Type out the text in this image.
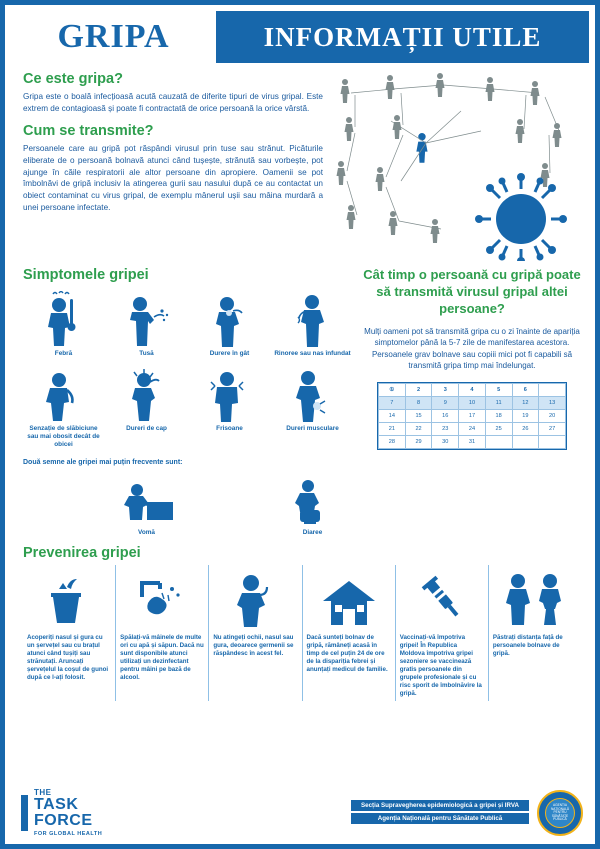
GRIPA	INFORMAȚII UTILE
Ce este gripa?

Gripa este o boală infecțioasă acută cauzată de diferite tipuri de virus gripal. Este extrem de contagioasă și poate fi contractată de orice persoană la orice vârstă.

Cum se transmite?

Persoanele care au gripă pot răspândi virusul prin tuse sau strănut. Picăturile eliberate de o persoană bolnavă atunci când tușește, strănută sau vorbește, pot ajunge în căile respiratorii ale altor persoane din apropiere. Oamenii se pot îmbolnăvi de gripă inclusiv la atingerea gurii sau nasului după ce au contactat un obiect contaminat cu virus gripal, de exemplu mânerul ușii sau mâina murdară a unei persoane infectate.

Simptomele gripei
Febră	Tusă	Durere în gât	Rinoree sau nas înfundat
Senzație de slăbiciune sau mai obosit decât de obicei
Dureri de cap	Frisoane	Dureri musculare
Două semne ale gripei mai puțin frecvente sunt:
Vomă	Diaree
Cât timp o persoană cu gripă poate să transmită virusul gripal altei persoane?

Mulți oameni pot să transmită gripa cu o zi înainte de apariția simptomelor până la 5-7 zile de manifestarea acestora. Persoanele grav bolnave sau copiii mici pot fi capabili să transmită gripa timp mai îndelungat.

①	2	3	4	5	6	
7	8	9	10	11	12	13
14	15	16	17	18	19	20
21	22	23	24	25	26	27
28	29	30	31			
Prevenirea gripei
Acoperiți nasul și gura cu un șervețel sau cu brațul atunci când tușiți sau strănutați. Aruncați șervețelul la coșul de gunoi după ce l-ați folosit.
Spălați-vă mâinele de multe ori cu apă și săpun. Dacă nu sunt disponibile atunci utilizați un dezinfectant pentru mâini pe bază de alcool.
Nu atingeți ochii, nasul sau gura, deoarece germenii se răspândesc în acest fel.
Dacă sunteți bolnav de gripă, rămâneți acasă în timp de cel puțin 24 de ore de la dispariția febrei și anunțați medicul de familie.
Vaccinați-vă împotriva gripei! În Republica Moldova împotriva gripei sezoniere se vaccinează gratis persoanele din grupele profesionale și cu risc sporit de îmbolnăvire la gripă.
Păstrați distanța față de persoanele bolnave de gripă.
THE
TASK
FORCE
FOR GLOBAL HEALTH
Secția Supravegherea epidemiologică a gripei și IRVA
Agenția Națională pentru Sănătate Publică
AGENȚIA NAȚIONALĂ PENTRU SĂNĂTATE PUBLICĂ
